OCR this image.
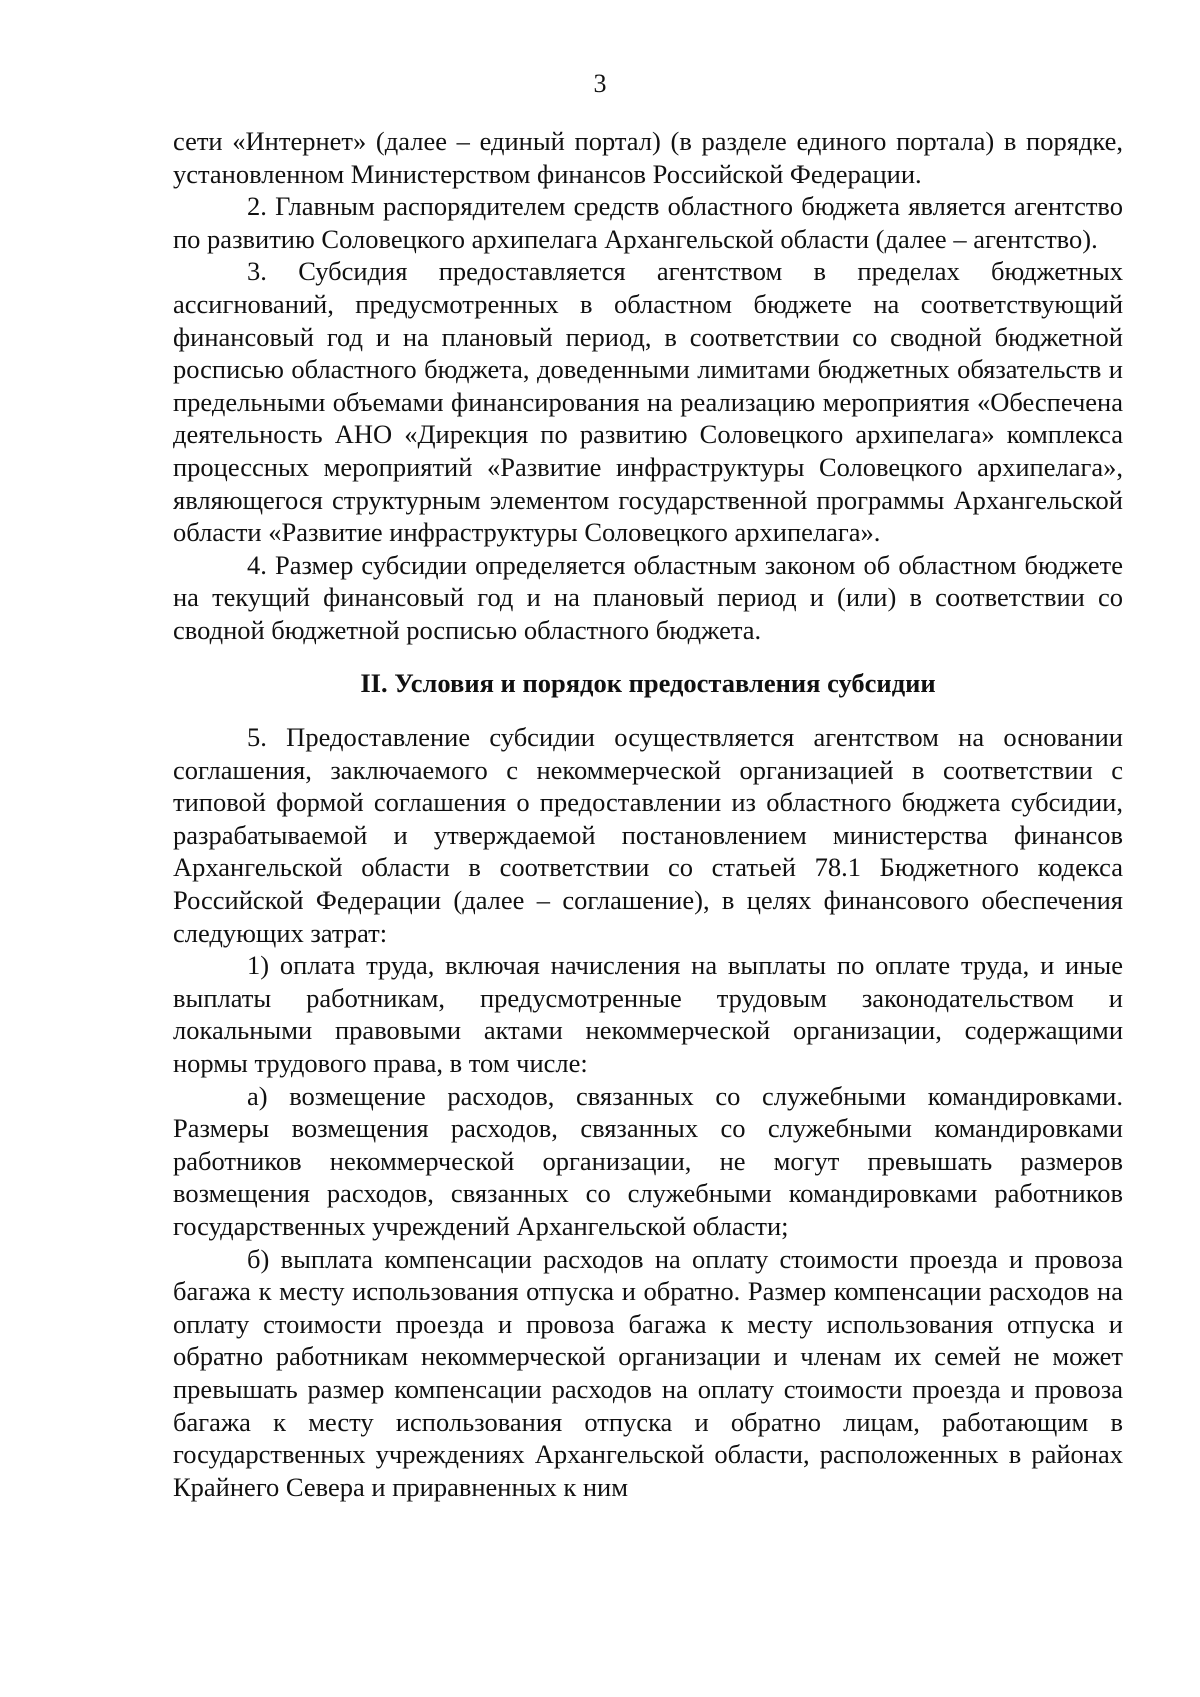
3

сети «Интернет» (далее – единый портал) (в разделе единого портала) в порядке, установленном Министерством финансов Российской Федерации.

2. Главным распорядителем средств областного бюджета является агентство по развитию Соловецкого архипелага Архангельской области (далее – агентство).

3. Субсидия предоставляется агентством в пределах бюджетных ассигнований, предусмотренных в областном бюджете на соответствующий финансовый год и на плановый период, в соответствии со сводной бюджетной росписью областного бюджета, доведенными лимитами бюджетных обязательств и предельными объемами финансирования на реализацию мероприятия «Обеспечена деятельность АНО «Дирекция по развитию Соловецкого архипелага» комплекса процессных мероприятий «Развитие инфраструктуры Соловецкого архипелага», являющегося структурным элементом государственной программы Архангельской области «Развитие инфраструктуры Соловецкого архипелага».

4. Размер субсидии определяется областным законом об областном бюджете на текущий финансовый год и на плановый период и (или) в соответствии со сводной бюджетной росписью областного бюджета.

II. Условия и порядок предоставления субсидии

5. Предоставление субсидии осуществляется агентством на основании соглашения, заключаемого с некоммерческой организацией в соответствии с типовой формой соглашения о предоставлении из областного бюджета субсидии, разрабатываемой и утверждаемой постановлением министерства финансов Архангельской области в соответствии со статьей 78.1 Бюджетного кодекса Российской Федерации (далее – соглашение), в целях финансового обеспечения следующих затрат:

1) оплата труда, включая начисления на выплаты по оплате труда, и иные выплаты работникам, предусмотренные трудовым законодательством и локальными правовыми актами некоммерческой организации, содержащими нормы трудового права, в том числе:

а) возмещение расходов, связанных со служебными командировками. Размеры возмещения расходов, связанных со служебными командировками работников некоммерческой организации, не могут превышать размеров возмещения расходов, связанных со служебными командировками работников государственных учреждений Архангельской области;

б) выплата компенсации расходов на оплату стоимости проезда и провоза багажа к месту использования отпуска и обратно. Размер компенсации расходов на оплату стоимости проезда и провоза багажа к месту использования отпуска и обратно работникам некоммерческой организации и членам их семей не может превышать размер компенсации расходов на оплату стоимости проезда и провоза багажа к месту использования отпуска и обратно лицам, работающим в государственных учреждениях Архангельской области, расположенных в районах Крайнего Севера и приравненных к ним
